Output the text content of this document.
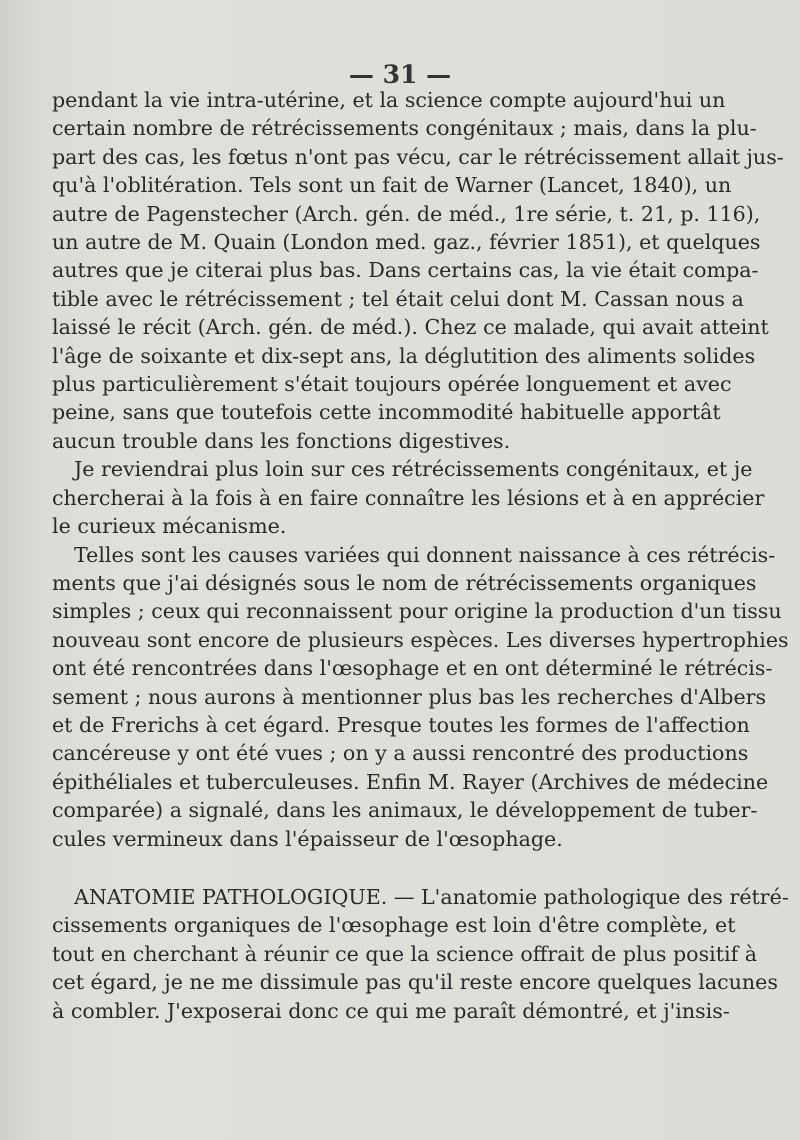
— 31 —
pendant la vie intra-utérine, et la science compte aujourd'hui un
certain nombre de rétrécissements congénitaux ; mais, dans la plu-
part des cas, les fœtus n'ont pas vécu, car le rétrécissement allait jus-
qu'à l'oblitération. Tels sont un fait de Warner (Lancet, 1840), un
autre de Pagenstecher (Arch. gén. de méd., 1re série, t. 21, p. 116),
un autre de M. Quain (London med. gaz., février 1851), et quelques
autres que je citerai plus bas. Dans certains cas, la vie était compa-
tible avec le rétrécissement ; tel était celui dont M. Cassan nous a
laissé le récit (Arch. gén. de méd.). Chez ce malade, qui avait atteint
l'âge de soixante et dix-sept ans, la déglutition des aliments solides
plus particulièrement s'était toujours opérée longuement et avec
peine, sans que toutefois cette incommodité habituelle apportât
aucun trouble dans les fonctions digestives.
Je reviendrai plus loin sur ces rétrécissements congénitaux, et je
chercherai à la fois à en faire connaître les lésions et à en apprécier
le curieux mécanisme.
Telles sont les causes variées qui donnent naissance à ces rétrécis-
ments que j'ai désignés sous le nom de rétrécissements organiques
simples ; ceux qui reconnaissent pour origine la production d'un tissu
nouveau sont encore de plusieurs espèces. Les diverses hypertrophies
ont été rencontrées dans l'œsophage et en ont déterminé le rétrécis-
sement ; nous aurons à mentionner plus bas les recherches d'Albers
et de Frerichs à cet égard. Presque toutes les formes de l'affection
cancéreuse y ont été vues ; on y a aussi rencontré des productions
épithéliales et tuberculeuses. Enfin M. Rayer (Archives de médecine
comparée) a signalé, dans les animaux, le développement de tuber-
cules vermineux dans l'épaisseur de l'œsophage.
ANATOMIE PATHOLOGIQUE. — L'anatomie pathologique des rétré-
cissements organiques de l'œsophage est loin d'être complète, et
tout en cherchant à réunir ce que la science offrait de plus positif à
cet égard, je ne me dissimule pas qu'il reste encore quelques lacunes
à combler. J'exposerai donc ce qui me paraît démontré, et j'insis-
